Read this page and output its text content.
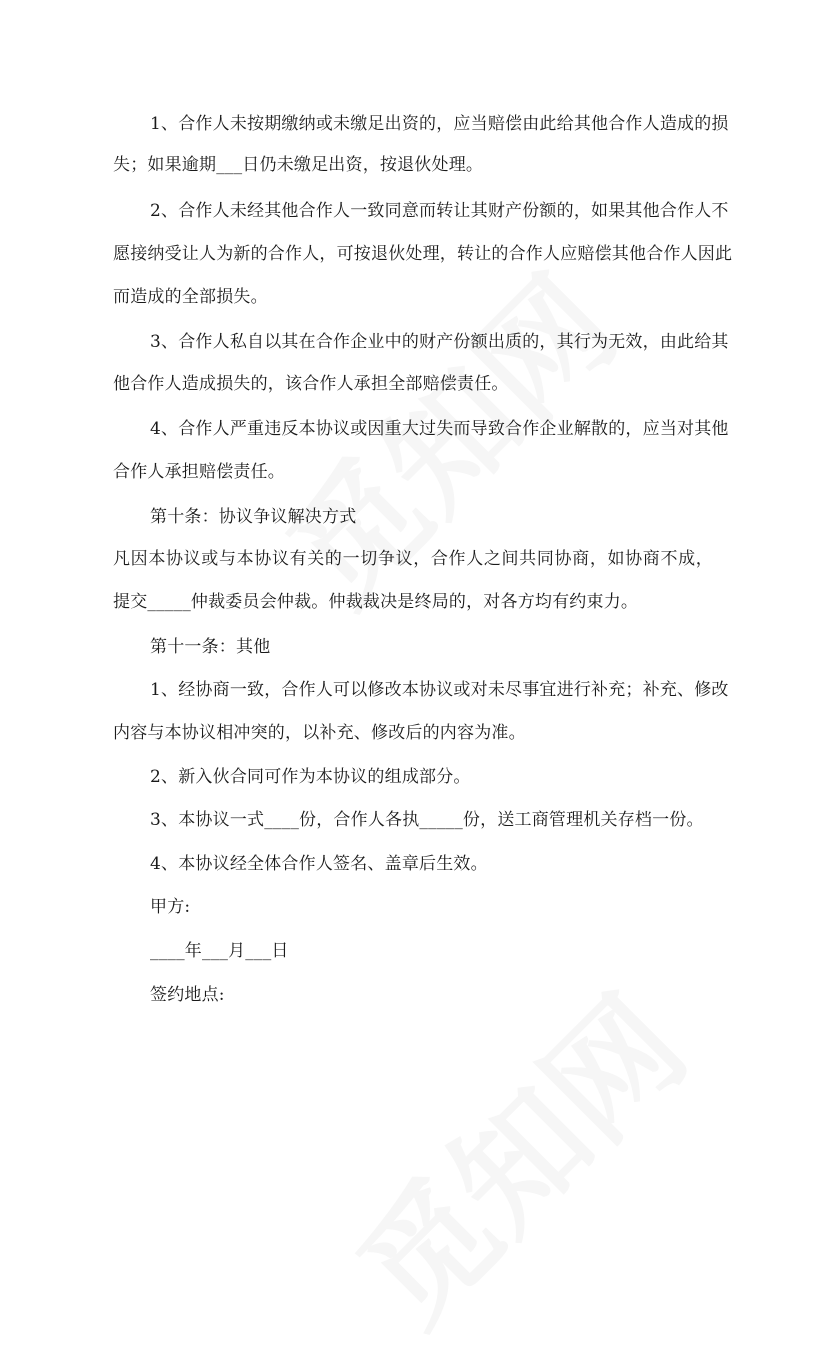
1、合作人未按期缴纳或未缴足出资的，应当赔偿由此给其他合作人造成的损
失；如果逾期___日仍未缴足出资，按退伙处理。
2、合作人未经其他合作人一致同意而转让其财产份额的，如果其他合作人不
愿接纳受让人为新的合作人，可按退伙处理，转让的合作人应赔偿其他合作人因此
而造成的全部损失。
3、合作人私自以其在合作企业中的财产份额出质的，其行为无效，由此给其
他合作人造成损失的，该合作人承担全部赔偿责任。
4、合作人严重违反本协议或因重大过失而导致合作企业解散的，应当对其他
合作人承担赔偿责任。
第十条：协议争议解决方式
凡因本协议或与本协议有关的一切争议，合作人之间共同协商，如协商不成，
提交_____仲裁委员会仲裁。仲裁裁决是终局的，对各方均有约束力。
第十一条：其他
1、经协商一致，合作人可以修改本协议或对未尽事宜进行补充；补充、修改
内容与本协议相冲突的，以补充、修改后的内容为准。
2、新入伙合同可作为本协议的组成部分。
3、本协议一式____份，合作人各执_____份，送工商管理机关存档一份。
4、本协议经全体合作人签名、盖章后生效。
甲方:
____年___月___日
签约地点:
